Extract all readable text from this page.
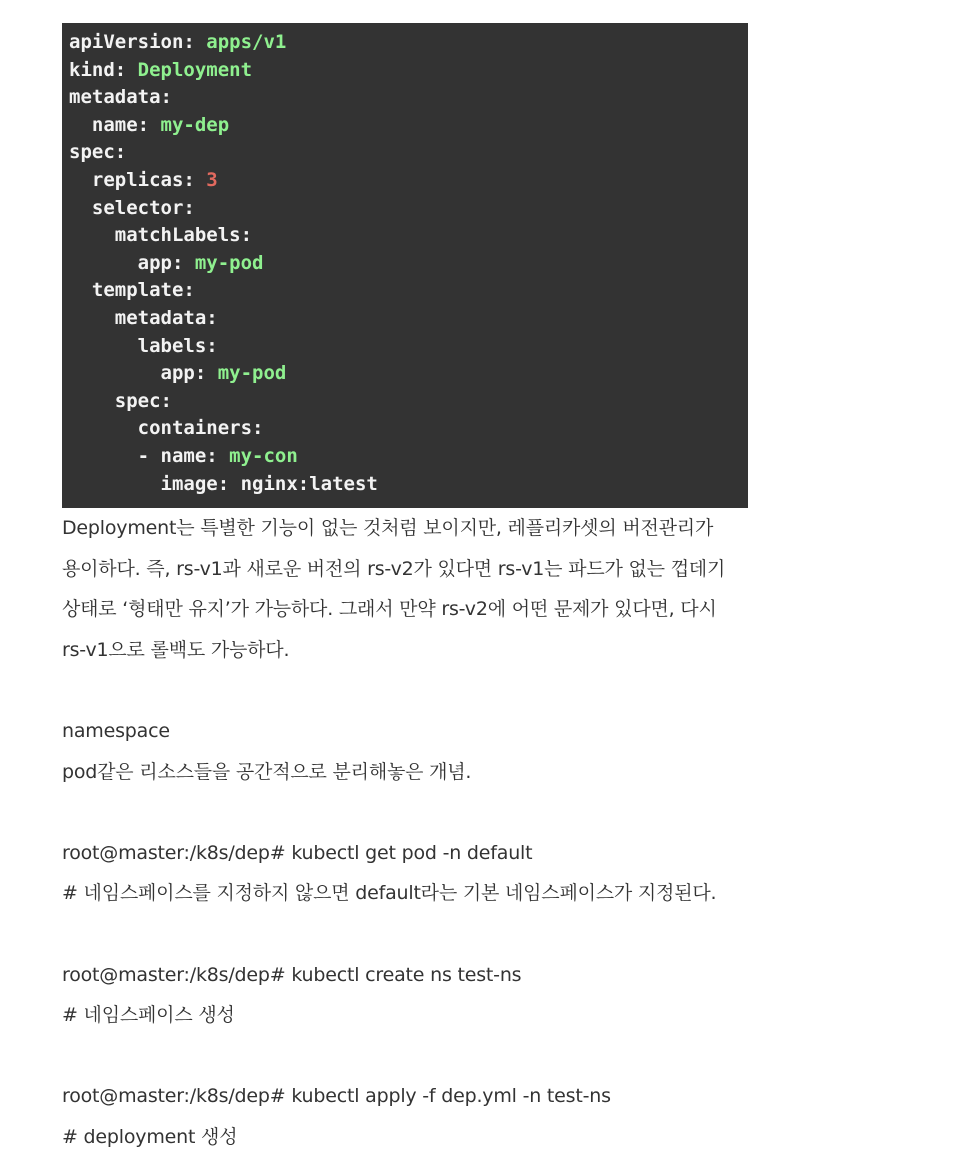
apiVersion: apps/v1
kind: Deployment
metadata:
name: my-dep
spec:
replicas: 3
selector:
matchLabels:
app: my-pod
template:
metadata:
labels:
app: my-pod
spec:
containers:
- name: my-con
image: nginx:latest

Deployment는 특별한 기능이 없는 것처럼 보이지만, 레플리카셋의 버전관리가
용이하다. 즉, rs-v1과 새로운 버전의 rs-v2가 있다면 rs-v1는 파드가 없는 껍데기
상태로 ‘형태만 유지’가 가능하다. 그래서 만약 rs-v2에 어떤 문제가 있다면, 다시
rs-v1으로 롤백도 가능하다.

namespace

pod같은 리소스들을 공간적으로 분리해놓은 개념.

root@master:/k8s/dep# kubectl get pod -n default

# 네임스페이스를 지정하지 않으면 default라는 기본 네임스페이스가 지정된다.

root@master:/k8s/dep# kubectl create ns test-ns

# 네임스페이스 생성

root@master:/k8s/dep# kubectl apply -f dep.yml -n test-ns

# deployment 생성
